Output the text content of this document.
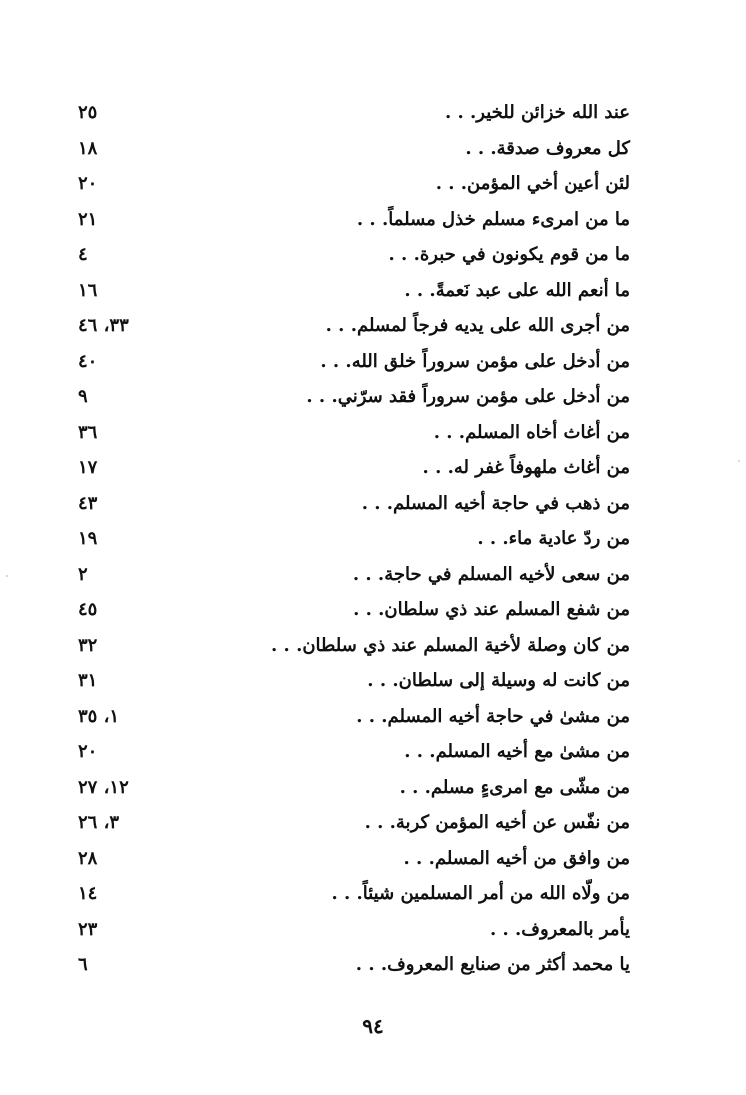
عند الله خزائن للخير. . .
٢٥
كل معروف صدقة. . .
١٨
لئن أعين أخي المؤمن. . .
٢٠
ما من امرىء مسلم خذل مسلماً. . .
٢١
ما من قوم يكونون في حبرة. . .
٤
ما أنعم الله على عبد نَعمةً. . .
١٦
من أجرى الله على يديه فرجاً لمسلم. . .
٣٣، ٤٦
من أدخل على مؤمن سروراً خلق الله. . .
٤٠
من أدخل على مؤمن سروراً فقد سرّني. . .
٩
من أغاث أخاه المسلم. . .
٣٦
من أغاث ملهوفاً غفر له. . .
١٧
من ذهب في حاجة أخيه المسلم. . .
٤٣
من ردّ عادية ماء. . .
١٩
من سعى لأخيه المسلم في حاجة. . .
٢
من شفع المسلم عند ذي سلطان. . .
٤٥
من كان وصلة لأخية المسلم عند ذي سلطان. . .
٣٢
من كانت له وسيلة إلى سلطان. . .
٣١
من مشىٰ في حاجة أخيه المسلم. . .
١، ٣٥
من مشىٰ مع أخيه المسلم. . .
٢٠
من مشّى مع امرىءٍ مسلم. . .
١٢، ٢٧
من نفّس عن أخيه المؤمن كربة. . .
٣، ٢٦
من وافق من أخيه المسلم. . .
٢٨
من ولّاه الله من أمر المسلمين شيئاً. . .
١٤
يأمر بالمعروف. . .
٢٣
يا محمد أكثر من صنايع المعروف. . .
٦
٩٤
